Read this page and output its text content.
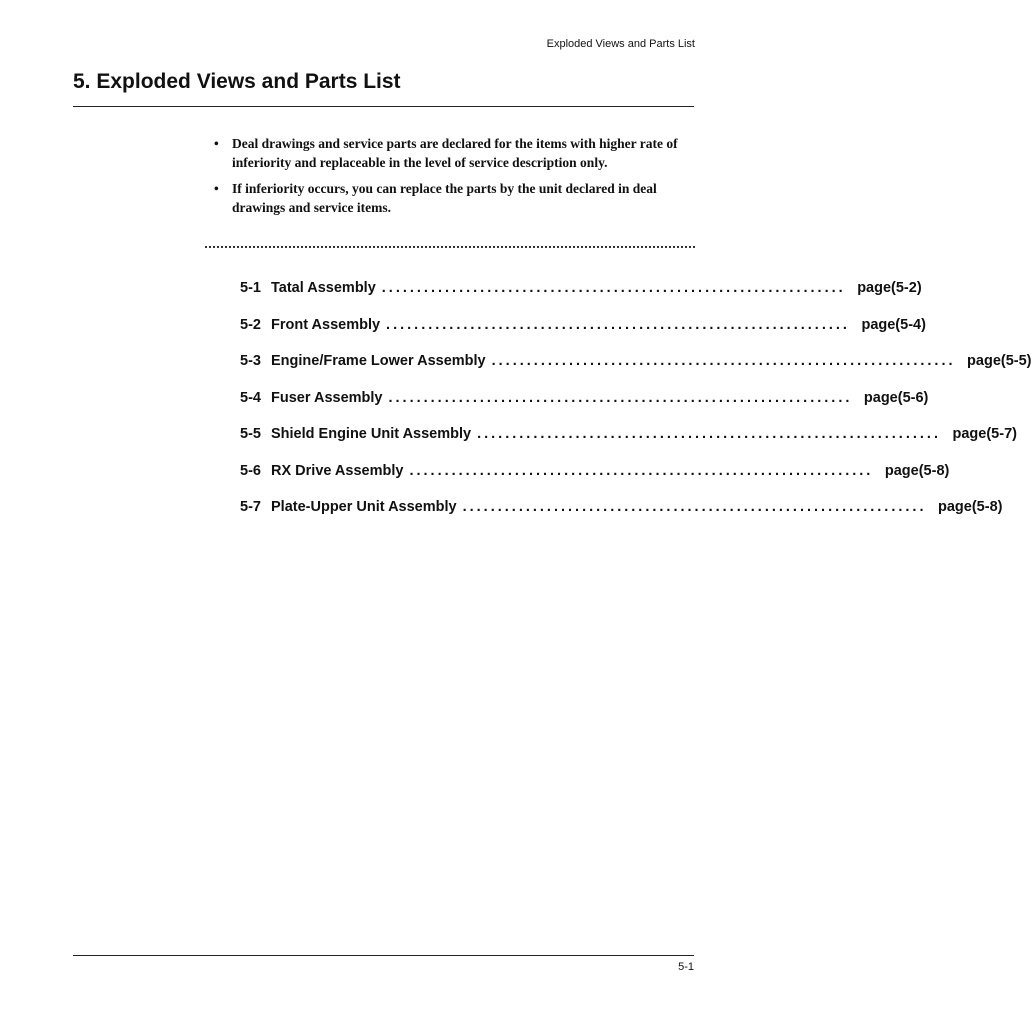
Exploded Views and Parts List
5. Exploded Views and Parts List
• Deal drawings and service parts are declared for the items with higher rate of inferiority and replaceable in the level of service description only.
• If inferiority occurs, you can replace the parts by the unit declared in deal drawings and service items.
5-1 Tatal Assembly .................................................................. page(5-2)
5-2 Front Assembly .................................................................. page(5-4)
5-3 Engine/Frame Lower Assembly .................................................................. page(5-5)
5-4 Fuser Assembly .................................................................. page(5-6)
5-5 Shield Engine Unit Assembly .................................................................. page(5-7)
5-6 RX Drive Assembly .................................................................. page(5-8)
5-7 Plate-Upper Unit Assembly .................................................................. page(5-8)
5-1
